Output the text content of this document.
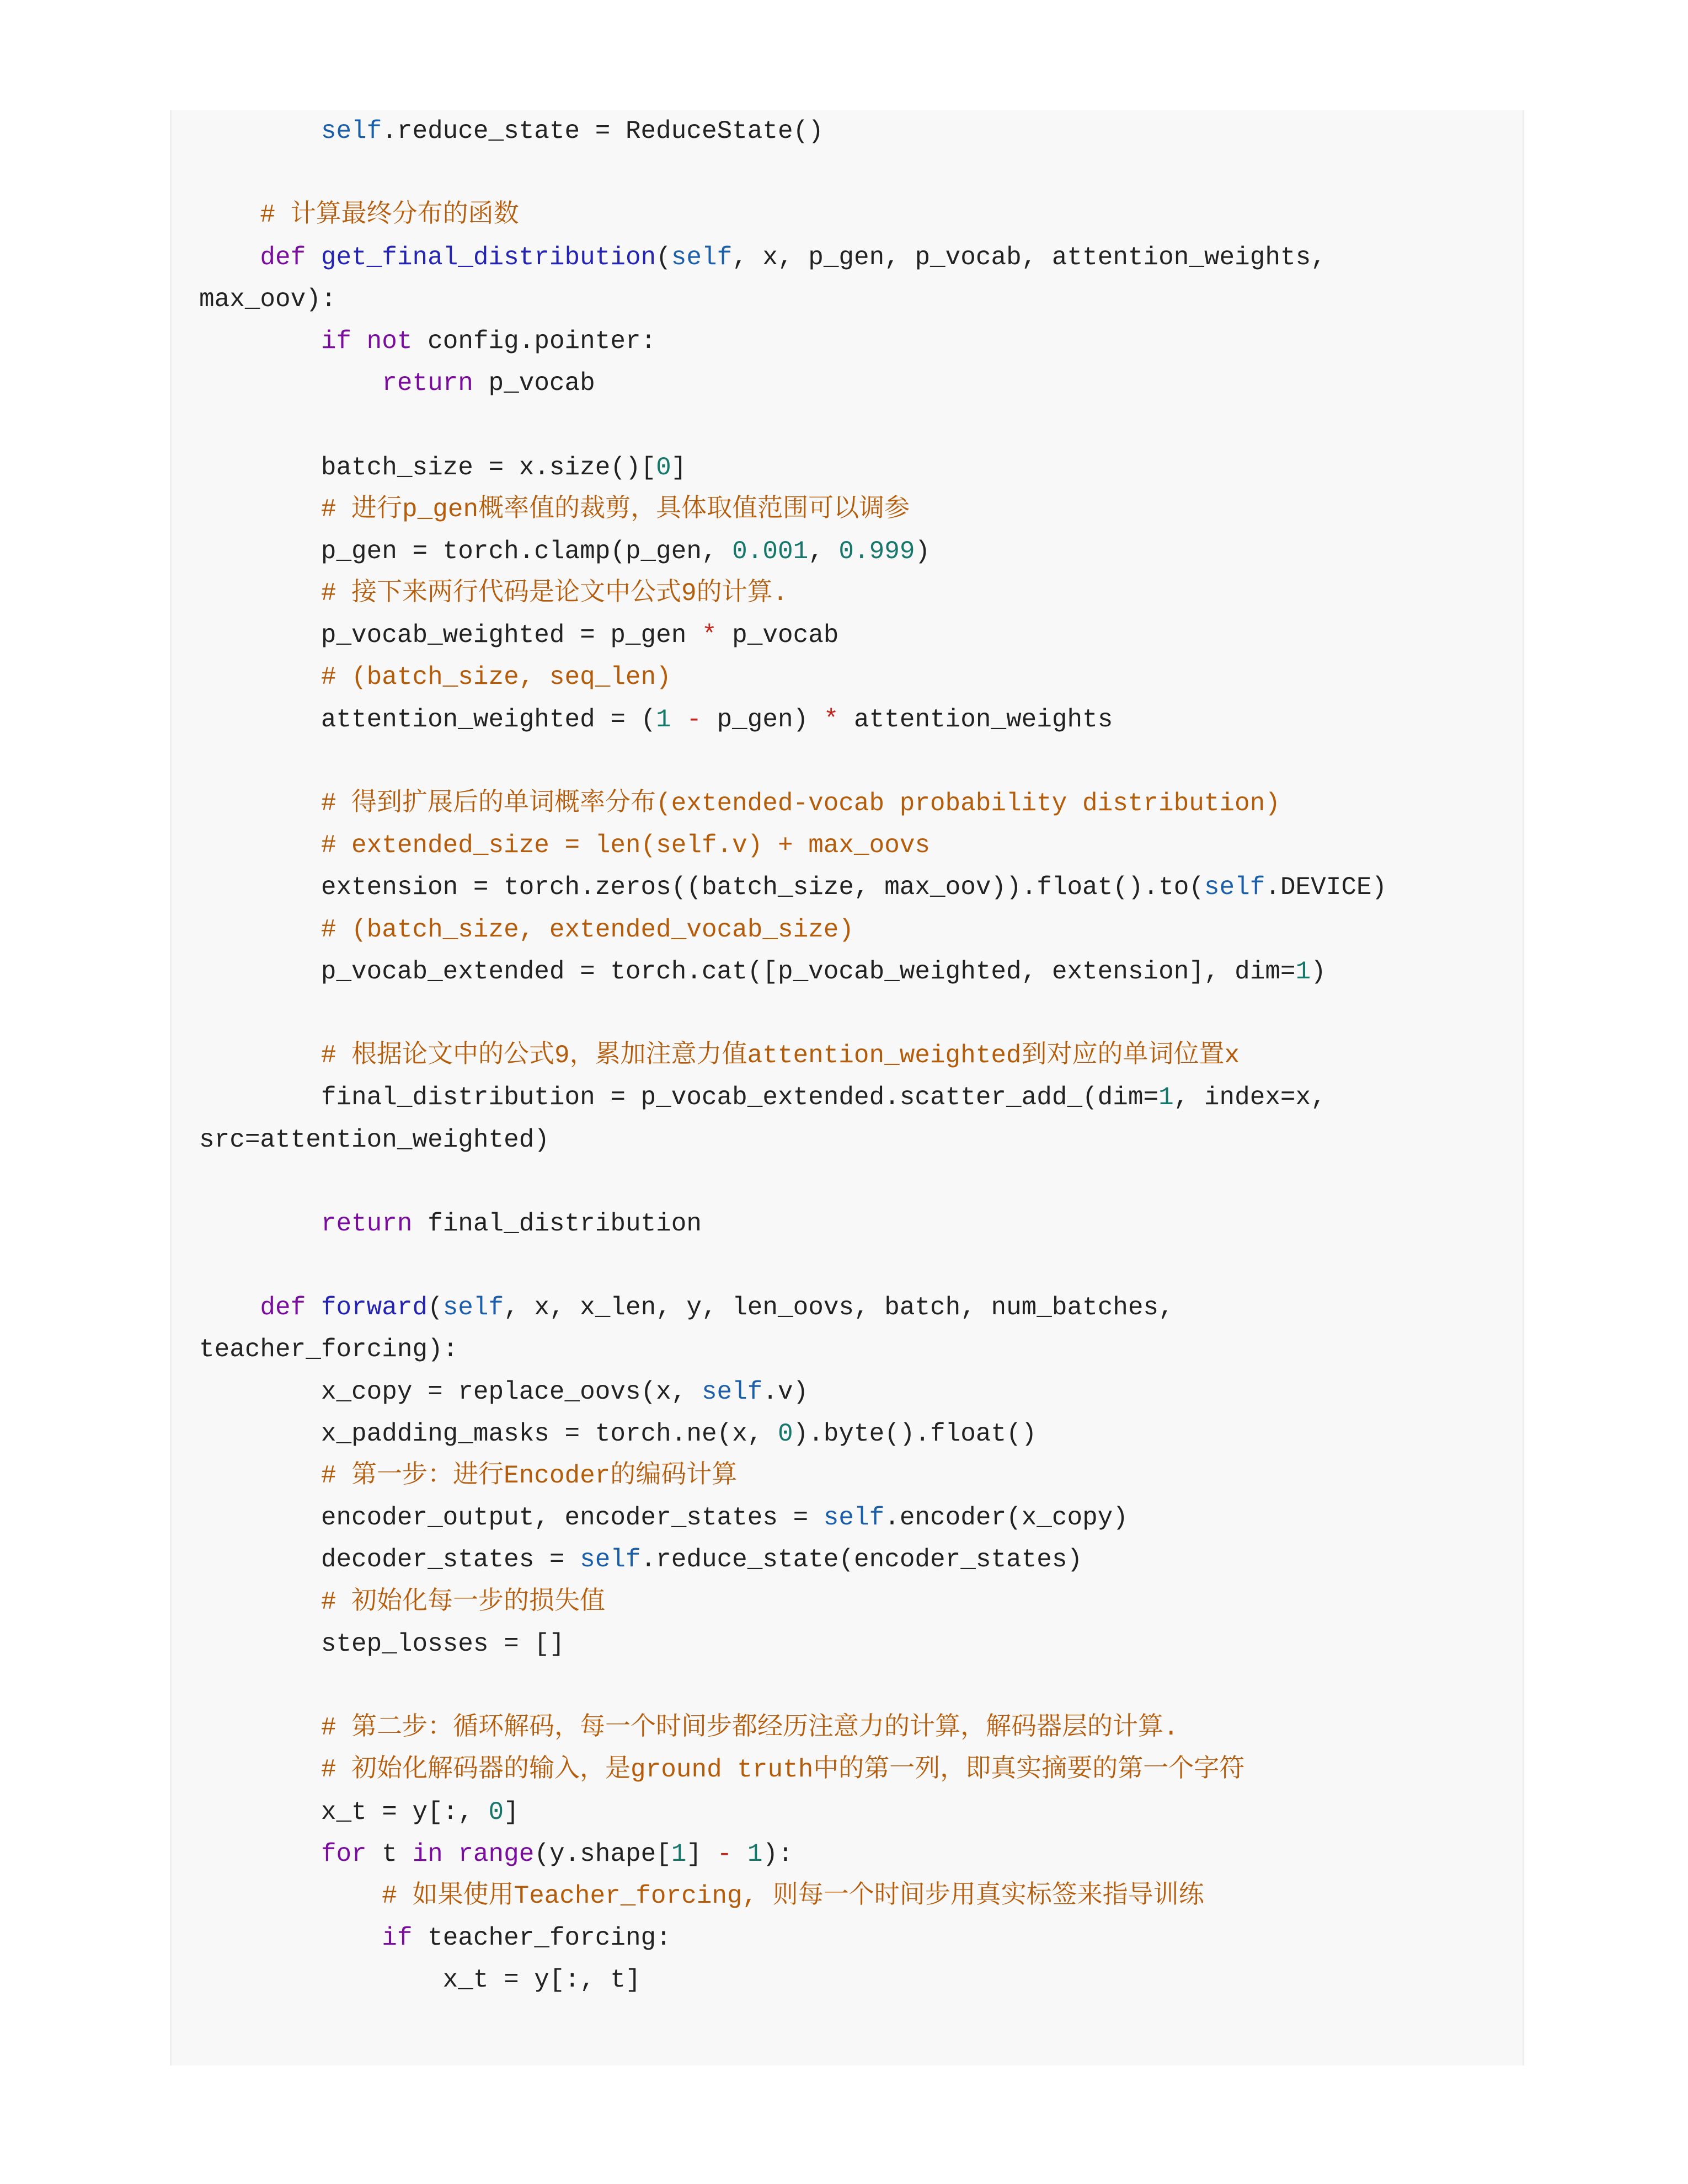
self.reduce_state = ReduceState()

# 计算最终分布的函数
def get_final_distribution(self, x, p_gen, p_vocab, attention_weights,
max_oov):
if not config.pointer:
return p_vocab

batch_size = x.size()[0]
# 进行p_gen概率值的裁剪，具体取值范围可以调参
p_gen = torch.clamp(p_gen, 0.001, 0.999)
# 接下来两行代码是论文中公式9的计算.
p_vocab_weighted = p_gen * p_vocab
# (batch_size, seq_len)
attention_weighted = (1 - p_gen) * attention_weights

# 得到扩展后的单词概率分布(extended-vocab probability distribution)
# extended_size = len(self.v) + max_oovs
extension = torch.zeros((batch_size, max_oov)).float().to(self.DEVICE)
# (batch_size, extended_vocab_size)
p_vocab_extended = torch.cat([p_vocab_weighted, extension], dim=1)

# 根据论文中的公式9，累加注意力值attention_weighted到对应的单词位置x
final_distribution = p_vocab_extended.scatter_add_(dim=1, index=x,
src=attention_weighted)

return final_distribution

def forward(self, x, x_len, y, len_oovs, batch, num_batches,
teacher_forcing):
x_copy = replace_oovs(x, self.v)
x_padding_masks = torch.ne(x, 0).byte().float()
# 第一步：进行Encoder的编码计算
encoder_output, encoder_states = self.encoder(x_copy)
decoder_states = self.reduce_state(encoder_states)
# 初始化每一步的损失值
step_losses = []

# 第二步：循环解码，每一个时间步都经历注意力的计算，解码器层的计算.
# 初始化解码器的输入，是ground truth中的第一列，即真实摘要的第一个字符
x_t = y[:, 0]
for t in range(y.shape[1] - 1):
# 如果使用Teacher_forcing, 则每一个时间步用真实标签来指导训练
if teacher_forcing:
x_t = y[:, t]
